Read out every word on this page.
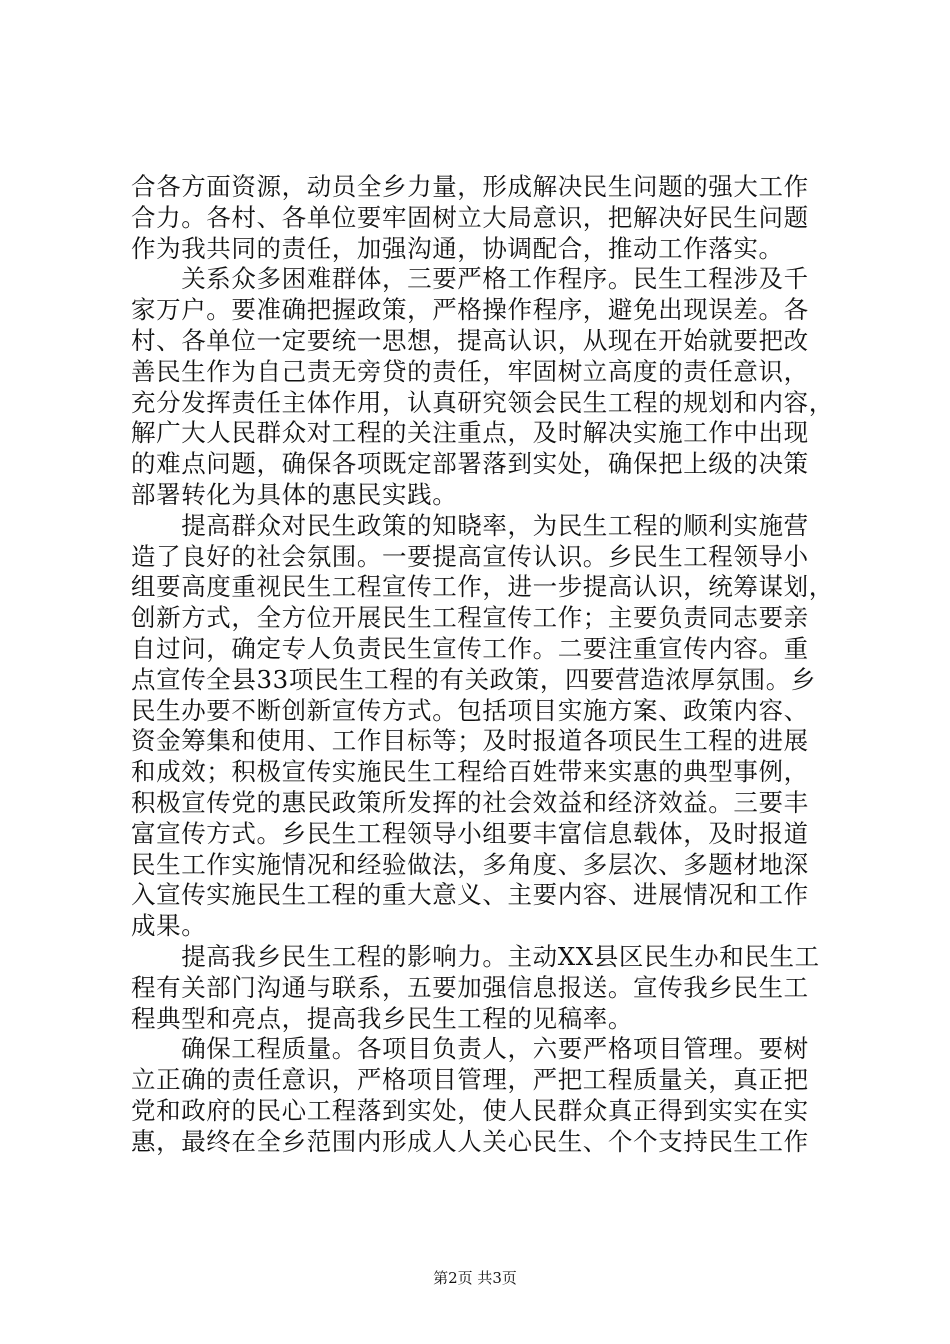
合各方面资源，动员全乡力量，形成解决民生问题的强大工作
合力。各村、各单位要牢固树立大局意识，把解决好民生问题
作为我共同的责任，加强沟通，协调配合，推动工作落实。
　　关系众多困难群体，三要严格工作程序。民生工程涉及千
家万户。要准确把握政策，严格操作程序，避免出现误差。各
村、各单位一定要统一思想，提高认识，从现在开始就要把改
善民生作为自己责无旁贷的责任，牢固树立高度的责任意识，
充分发挥责任主体作用，认真研究领会民生工程的规划和内容，
解广大人民群众对工程的关注重点，及时解决实施工作中出现
的难点问题，确保各项既定部署落到实处，确保把上级的决策
部署转化为具体的惠民实践。
　　提高群众对民生政策的知晓率，为民生工程的顺利实施营
造了良好的社会氛围。一要提高宣传认识。乡民生工程领导小
组要高度重视民生工程宣传工作，进一步提高认识，统筹谋划，
创新方式，全方位开展民生工程宣传工作；主要负责同志要亲
自过问，确定专人负责民生宣传工作。二要注重宣传内容。重
点宣传全县33项民生工程的有关政策，四要营造浓厚氛围。乡
民生办要不断创新宣传方式。包括项目实施方案、政策内容、
资金筹集和使用、工作目标等；及时报道各项民生工程的进展
和成效；积极宣传实施民生工程给百姓带来实惠的典型事例，
积极宣传党的惠民政策所发挥的社会效益和经济效益。三要丰
富宣传方式。乡民生工程领导小组要丰富信息载体，及时报道
民生工作实施情况和经验做法，多角度、多层次、多题材地深
入宣传实施民生工程的重大意义、主要内容、进展情况和工作
成果。
　　提高我乡民生工程的影响力。主动XX县区民生办和民生工
程有关部门沟通与联系，五要加强信息报送。宣传我乡民生工
程典型和亮点，提高我乡民生工程的见稿率。
　　确保工程质量。各项目负责人，六要严格项目管理。要树
立正确的责任意识，严格项目管理，严把工程质量关，真正把
党和政府的民心工程落到实处，使人民群众真正得到实实在实
惠，最终在全乡范围内形成人人关心民生、个个支持民生工作
第2页 共3页
